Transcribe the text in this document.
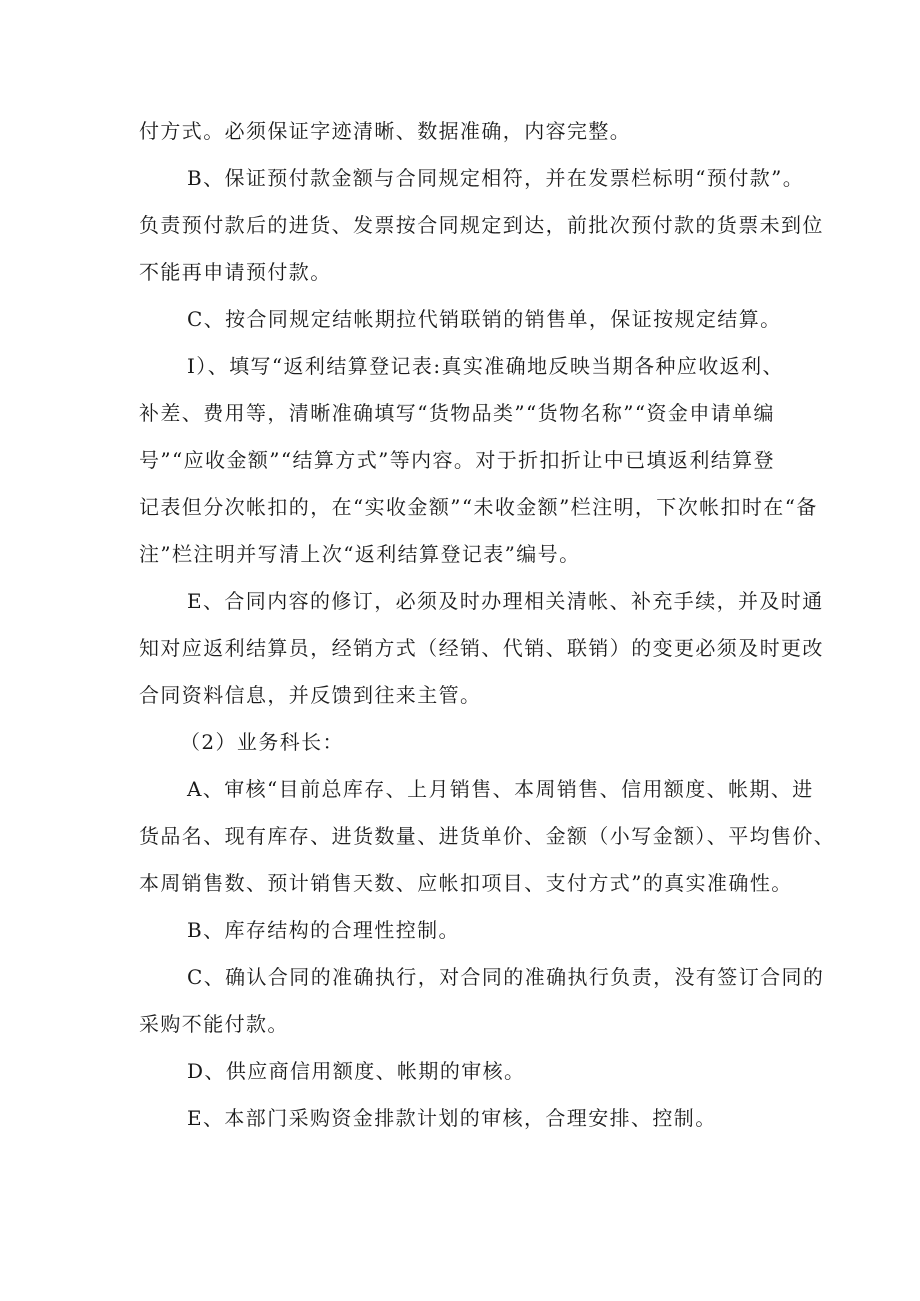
付方式。必须保证字迹清晰、数据准确，内容完整。
B、保证预付款金额与合同规定相符，并在发票栏标明“预付款”。
负责预付款后的进货、发票按合同规定到达，前批次预付款的货票未到位
不能再申请预付款。
C、按合同规定结帐期拉代销联销的销售单，保证按规定结算。
I）、填写“返利结算登记表:真实准确地反映当期各种应收返利、
补差、费用等，清晰准确填写“货物品类”“货物名称”“资金申请单编
号”“应收金额”“结算方式”等内容。对于折扣折让中已填返利结算登
记表但分次帐扣的，在“实收金额”“未收金额”栏注明，下次帐扣时在“备
注”栏注明并写清上次“返利结算登记表”编号。
E、合同内容的修订，必须及时办理相关清帐、补充手续，并及时通
知对应返利结算员，经销方式（经销、代销、联销）的变更必须及时更改
合同资料信息，并反馈到往来主管。
（2）业务科长：
A、审核“目前总库存、上月销售、本周销售、信用额度、帐期、进
货品名、现有库存、进货数量、进货单价、金额（小写金额）、平均售价、
本周销售数、预计销售天数、应帐扣项目、支付方式”的真实准确性。
B、库存结构的合理性控制。
C、确认合同的准确执行，对合同的准确执行负责，没有签订合同的
采购不能付款。
D、供应商信用额度、帐期的审核。
E、本部门采购资金排款计划的审核，合理安排、控制。
